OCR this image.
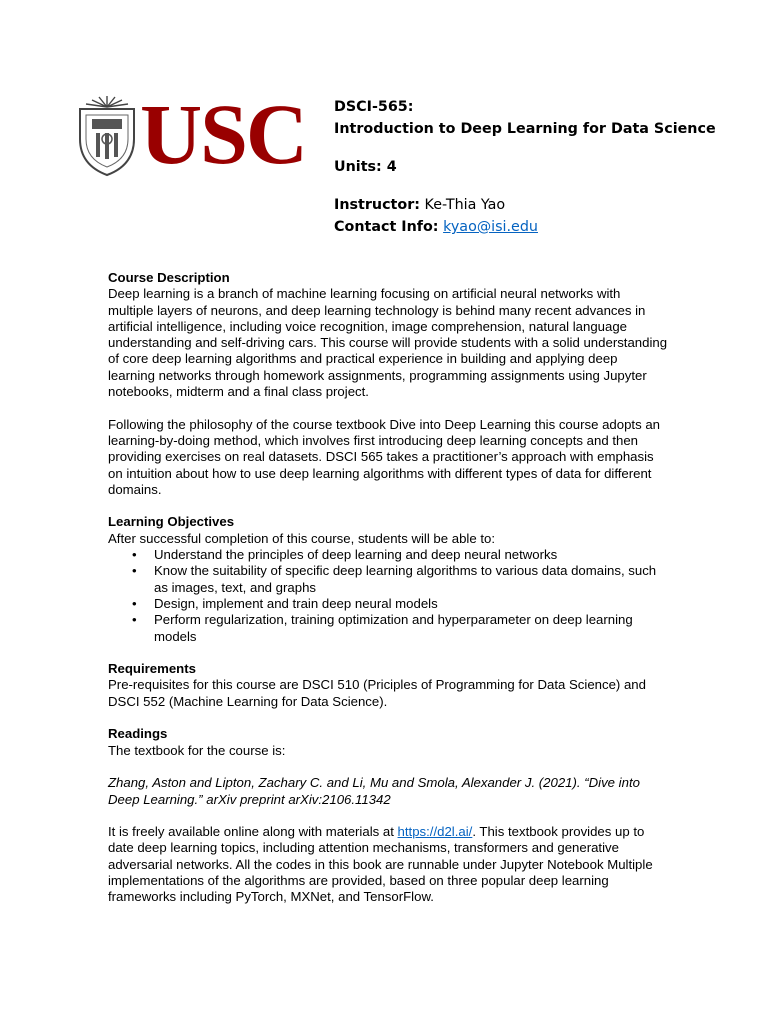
USC DSCI-565:
Introduction to Deep Learning for Data Science
Units: 4
Instructor: Ke-Thia Yao
Contact Info: kyao@isi.edu
Course Description

Deep learning is a branch of machine learning focusing on artificial neural networks with multiple layers of neurons, and deep learning technology is behind many recent advances in artificial intelligence, including voice recognition, image comprehension, natural language understanding and self-driving cars. This course will provide students with a solid understanding of core deep learning algorithms and practical experience in building and applying deep learning networks through homework assignments, programming assignments using Jupyter notebooks, midterm and a final class project.

Following the philosophy of the course textbook Dive into Deep Learning this course adopts an learning-by-doing method, which involves first introducing deep learning concepts and then providing exercises on real datasets. DSCI 565 takes a practitioner’s approach with emphasis on intuition about how to use deep learning algorithms with different types of data for different domains.

Learning Objectives

After successful completion of this course, students will be able to:

• Understand the principles of deep learning and deep neural networks
• Know the suitability of specific deep learning algorithms to various data domains, such as images, text, and graphs
• Design, implement and train deep neural models
• Perform regularization, training optimization and hyperparameter on deep learning models
Requirements

Pre-requisites for this course are DSCI 510 (Priciples of Programming for Data Science) and DSCI 552 (Machine Learning for Data Science).

Readings

The textbook for the course is:

Zhang, Aston and Lipton, Zachary C. and Li, Mu and Smola, Alexander J. (2021). “Dive into Deep Learning.” arXiv preprint arXiv:2106.11342

It is freely available online along with materials at https://d2l.ai/. This textbook provides up to date deep learning topics, including attention mechanisms, transformers and generative adversarial networks. All the codes in this book are runnable under Jupyter Notebook Multiple implementations of the algorithms are provided, based on three popular deep learning frameworks including PyTorch, MXNet, and TensorFlow.
